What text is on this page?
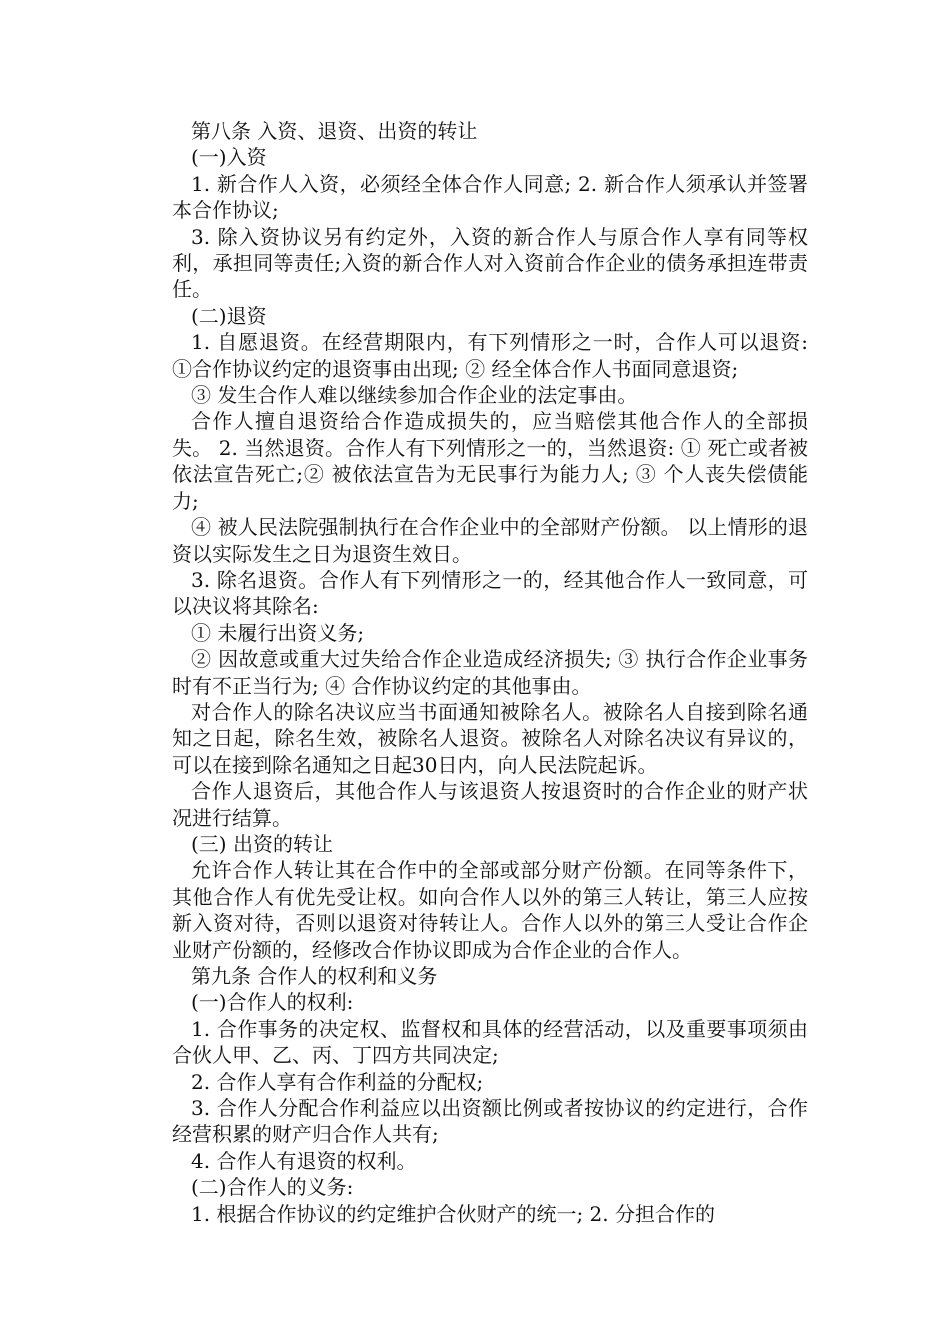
第八条 入资、退资、出资的转让

(一)入资

1. 新合作人入资，必须经全体合作人同意; 2. 新合作人须承认并签署本合作协议;

3. 除入资协议另有约定外，入资的新合作人与原合作人享有同等权利，承担同等责任;入资的新合作人对入资前合作企业的债务承担连带责任。

(二)退资

1. 自愿退资。在经营期限内，有下列情形之一时，合作人可以退资: ①合作协议约定的退资事由出现; ② 经全体合作人书面同意退资;

③ 发生合作人难以继续参加合作企业的法定事由。

合作人擅自退资给合作造成损失的，应当赔偿其他合作人的全部损失。 2. 当然退资。合作人有下列情形之一的，当然退资: ① 死亡或者被依法宣告死亡;② 被依法宣告为无民事行为能力人; ③ 个人丧失偿债能力;

④ 被人民法院强制执行在合作企业中的全部财产份额。 以上情形的退资以实际发生之日为退资生效日。

3. 除名退资。合作人有下列情形之一的，经其他合作人一致同意，可以决议将其除名:

① 未履行出资义务;

② 因故意或重大过失给合作企业造成经济损失; ③ 执行合作企业事务时有不正当行为; ④ 合作协议约定的其他事由。

对合作人的除名决议应当书面通知被除名人。被除名人自接到除名通知之日起，除名生效，被除名人退资。被除名人对除名决议有异议的，可以在接到除名通知之日起30日内，向人民法院起诉。

合作人退资后，其他合作人与该退资人按退资时的合作企业的财产状况进行结算。

(三) 出资的转让

允许合作人转让其在合作中的全部或部分财产份额。在同等条件下，其他合作人有优先受让权。如向合作人以外的第三人转让，第三人应按新入资对待，否则以退资对待转让人。合作人以外的第三人受让合作企业财产份额的，经修改合作协议即成为合作企业的合作人。

第九条 合作人的权利和义务

(一)合作人的权利:

1. 合作事务的决定权、监督权和具体的经营活动，以及重要事项须由合伙人甲、乙、丙、丁四方共同决定;

2. 合作人享有合作利益的分配权;

3. 合作人分配合作利益应以出资额比例或者按协议的约定进行，合作经营积累的财产归合作人共有;

4. 合作人有退资的权利。

(二)合作人的义务:

1. 根据合作协议的约定维护合伙财产的统一; 2. 分担合作的
